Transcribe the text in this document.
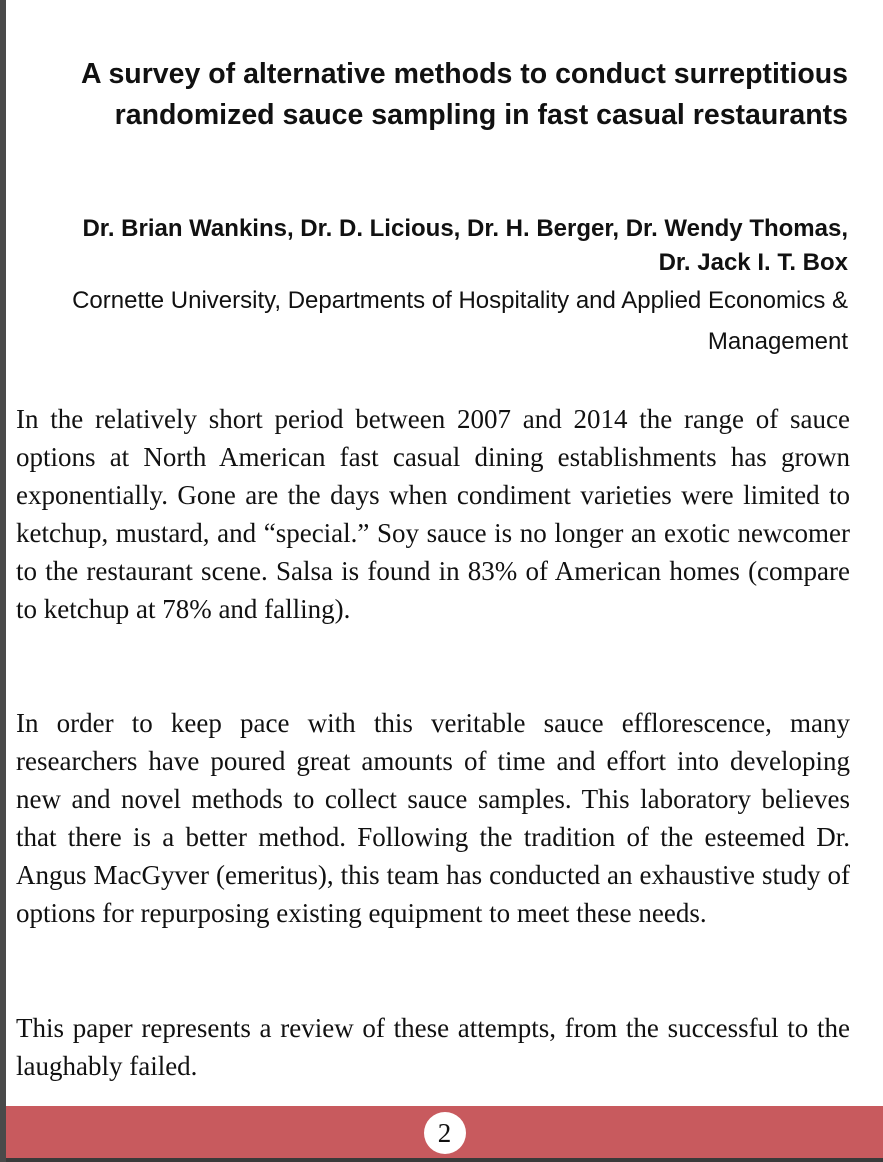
A survey of alternative methods to conduct surreptitious randomized sauce sampling in fast casual restaurants

Dr. Brian Wankins, Dr. D. Licious, Dr. H. Berger, Dr. Wendy Thomas, Dr. Jack I. T. Box

Cornette University, Departments of Hospitality and Applied Economics & Management

In the relatively short period between 2007 and 2014 the range of sauce options at North American fast casual dining establishments has grown exponentially. Gone are the days when condiment varieties were limited to ketchup, mustard, and “special.” Soy sauce is no longer an exotic newcomer to the restaurant scene. Salsa is found in 83% of American homes (compare to ketchup at 78% and falling).

In order to keep pace with this veritable sauce efflorescence, many researchers have poured great amounts of time and effort into developing new and novel methods to collect sauce samples. This laboratory believes that there is a better method. Following the tradition of the esteemed Dr. Angus MacGyver (emeritus), this team has conducted an exhaustive study of options for repurposing existing equipment to meet these needs.

This paper represents a review of these attempts, from the successful to the laughably failed.

2
